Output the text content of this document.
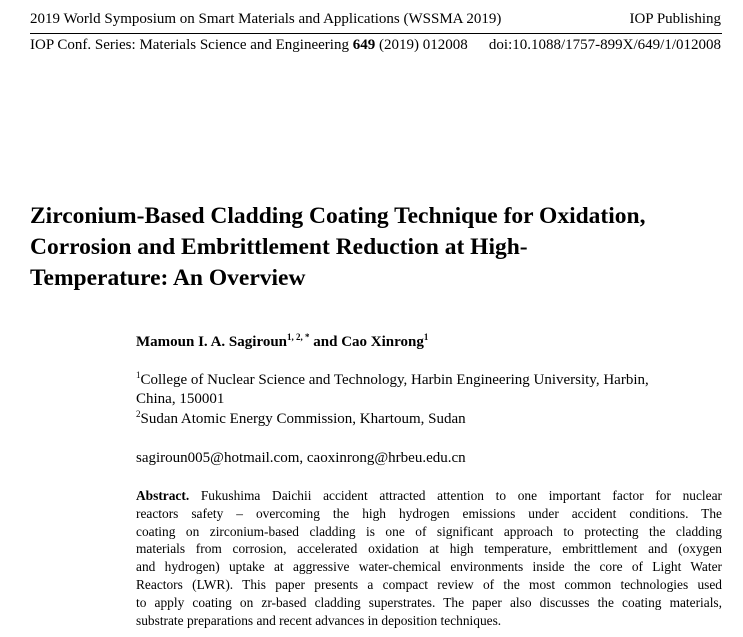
2019 World Symposium on Smart Materials and Applications (WSSMA 2019)	IOP Publishing
IOP Conf. Series: Materials Science and Engineering 649 (2019) 012008 doi:10.1088/1757-899X/649/1/012008
Zirconium-Based Cladding Coating Technique for Oxidation,
Corrosion and Embrittlement Reduction at High-
Temperature: An Overview
Mamoun I. A. Sagiroun$^{1, 2, *}$ and Cao Xinrong$^1$
$^1$College of Nuclear Science and Technology, Harbin Engineering University, Harbin,
China, 150001
$^2$Sudan Atomic Energy Commission, Khartoum, Sudan
sagiroun005@hotmail.com, caoxinrong@hrbeu.edu.cn
Abstract. Fukushima Daichii accident attracted attention to one important factor for nuclear
reactors safety – overcoming the high hydrogen emissions under accident conditions. The
coating on zirconium-based cladding is one of significant approach to protecting the cladding
materials from corrosion, accelerated oxidation at high temperature, embrittlement and (oxygen
and hydrogen) uptake at aggressive water-chemical environments inside the core of Light Water
Reactors (LWR). This paper presents a compact review of the most common technologies used
to apply coating on zr-based cladding superstrates. The paper also discusses the coating materials,
substrate preparations and recent advances in deposition techniques.
